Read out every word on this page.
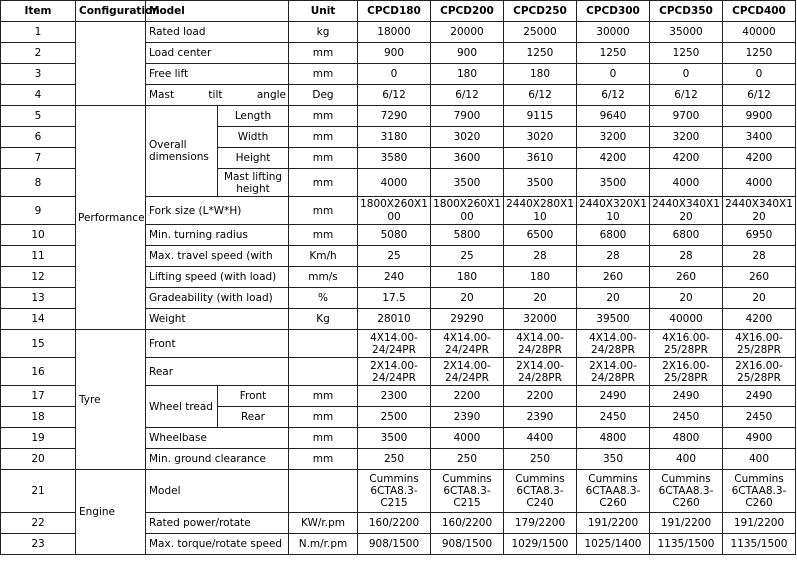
Item	Configuration	Model		Unit	CPCD180	CPCD200	CPCD250	CPCD300	CPCD350	CPCD400
1		Rated load		kg	18000	20000	25000	30000	35000	40000
2		Load center		mm	900	900	1250	1250	1250	1250
3		Free lift		mm	0	180	180	0	0	0
4		Mast tilt angle		Deg	6/12	6/12	6/12	6/12	6/12	6/12
5	Performance	Overall dimensions	Length	mm	7290	7900	9115	9640	9700	9900
6			Width	mm	3180	3020	3020	3200	3200	3400
7			Height	mm	3580	3600	3610	4200	4200	4200
8			Mast lifting height	mm	4000	3500	3500	3500	4000	4000
9		Fork size (L*W*H)		mm	1800X260X100	1800X260X100	2440X280X110	2440X320X110	2440X340X120	2440X340X120
10		Min. turning radius		mm	5080	5800	6500	6800	6800	6950
11		Max. travel speed (with		Km/h	25	25	28	28	28	28
12		Lifting speed (with load)		mm/s	240	180	180	260	260	260
13		Gradeability (with load)		%	17.5	20	20	20	20	20
14		Weight		Kg	28010	29290	32000	39500	40000	4200
15	Tyre	Front			4X14.00-24/24PR	4X14.00-24/24PR	4X14.00-24/28PR	4X14.00-24/28PR	4X16.00-25/28PR	4X16.00-25/28PR
16		Rear			2X14.00-24/24PR	2X14.00-24/24PR	2X14.00-24/28PR	2X14.00-24/28PR	2X16.00-25/28PR	2X16.00-25/28PR
17		Wheel tread	Front	mm	2300	2200	2200	2490	2490	2490
18			Rear	mm	2500	2390	2390	2450	2450	2450
19		Wheelbase		mm	3500	4000	4400	4800	4800	4900
20		Min. ground clearance		mm	250	250	250	350	400	400
21	Engine	Model			Cummins 6CTA8.3-C215	Cummins 6CTA8.3-C215	Cummins 6CTA8.3-C240	Cummins 6CTAA8.3-C260	Cummins 6CTAA8.3-C260	Cummins 6CTAA8.3-C260
22		Rated power/rotate		KW/r.pm	160/2200	160/2200	179/2200	191/2200	191/2200	191/2200
23		Max. torque/rotate speed		N.m/r.pm	908/1500	908/1500	1029/1500	1025/1400	1135/1500	1135/1500
